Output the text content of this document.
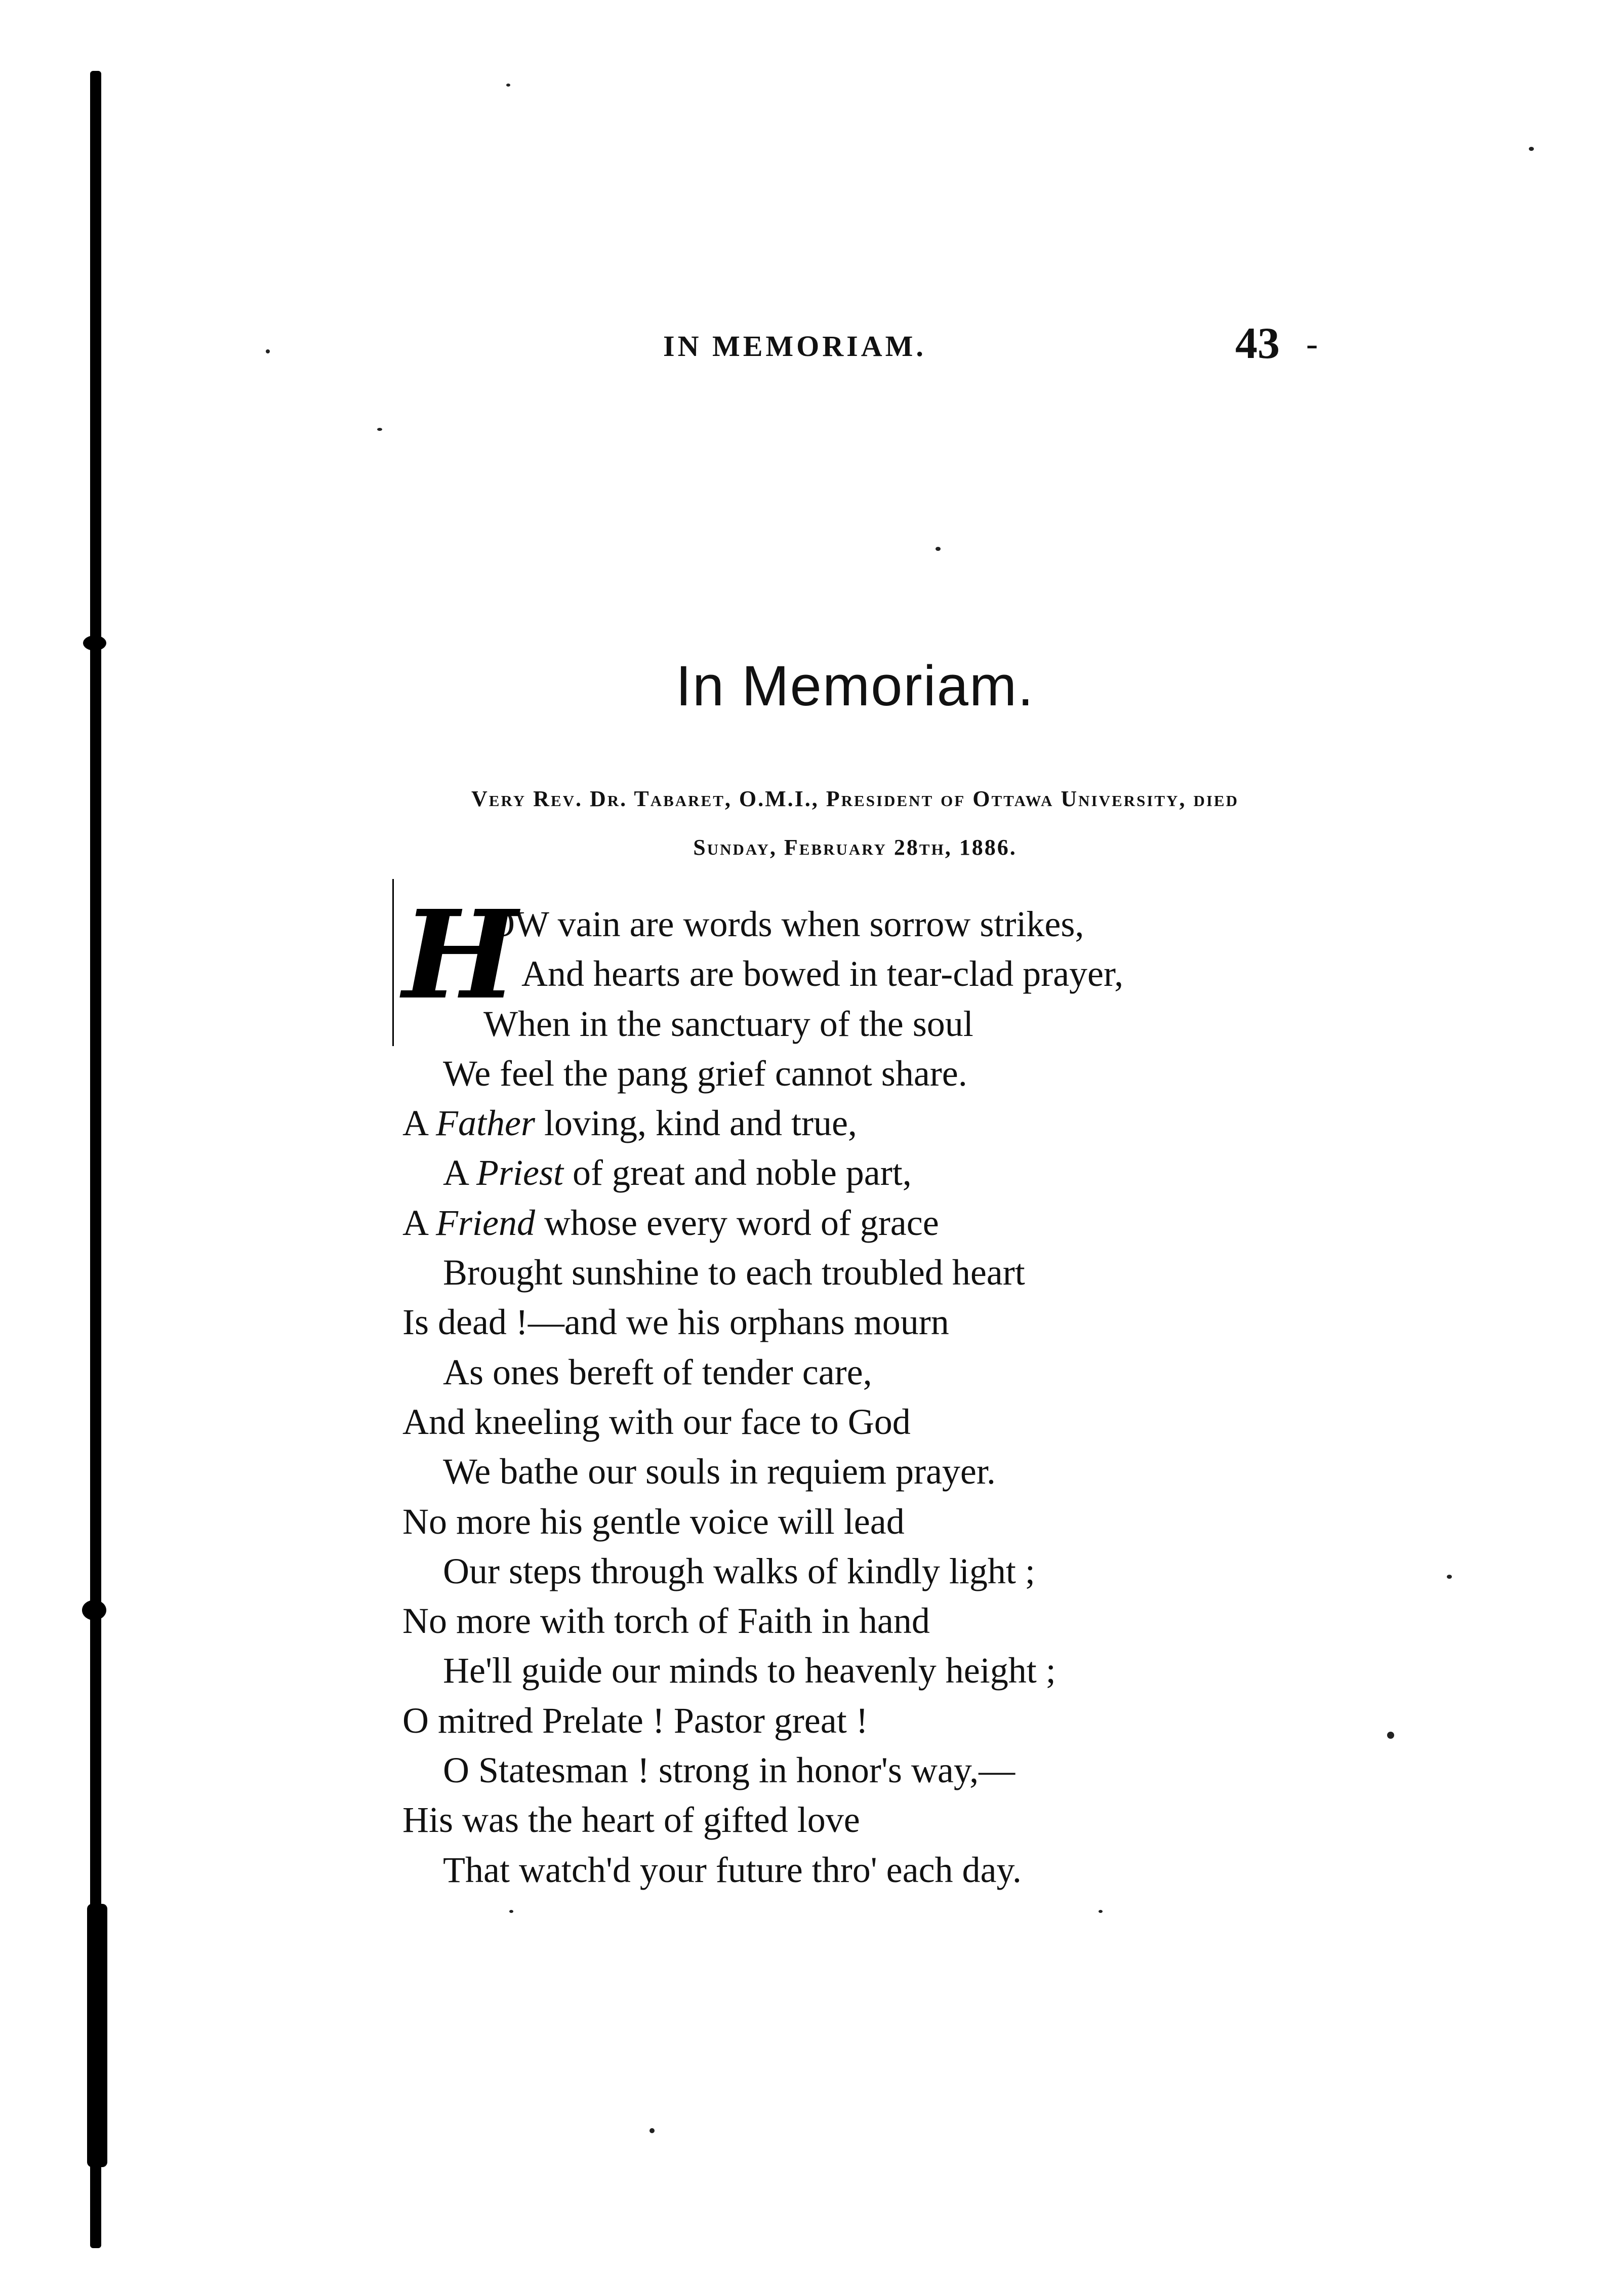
IN MEMORIAM.	43 -
In Memoriam.
Very Rev. Dr. Tabaret, O.M.I., President of Ottawa University, died
Sunday, February 28th, 1886.
H
OW vain are words when sorrow strikes,
And hearts are bowed in tear-clad prayer,
When in the sanctuary of the soul
We feel the pang grief cannot share.
A Father loving, kind and true,
A Priest of great and noble part,
A Friend whose every word of grace
Brought sunshine to each troubled heart
Is dead !—and we his orphans mourn
As ones bereft of tender care,
And kneeling with our face to God
We bathe our souls in requiem prayer.
No more his gentle voice will lead
Our steps through walks of kindly light ;
No more with torch of Faith in hand
He'll guide our minds to heavenly height ;
O mitred Prelate ! Pastor great !
O Statesman ! strong in honor's way,—
His was the heart of gifted love
That watch'd your future thro' each day.
